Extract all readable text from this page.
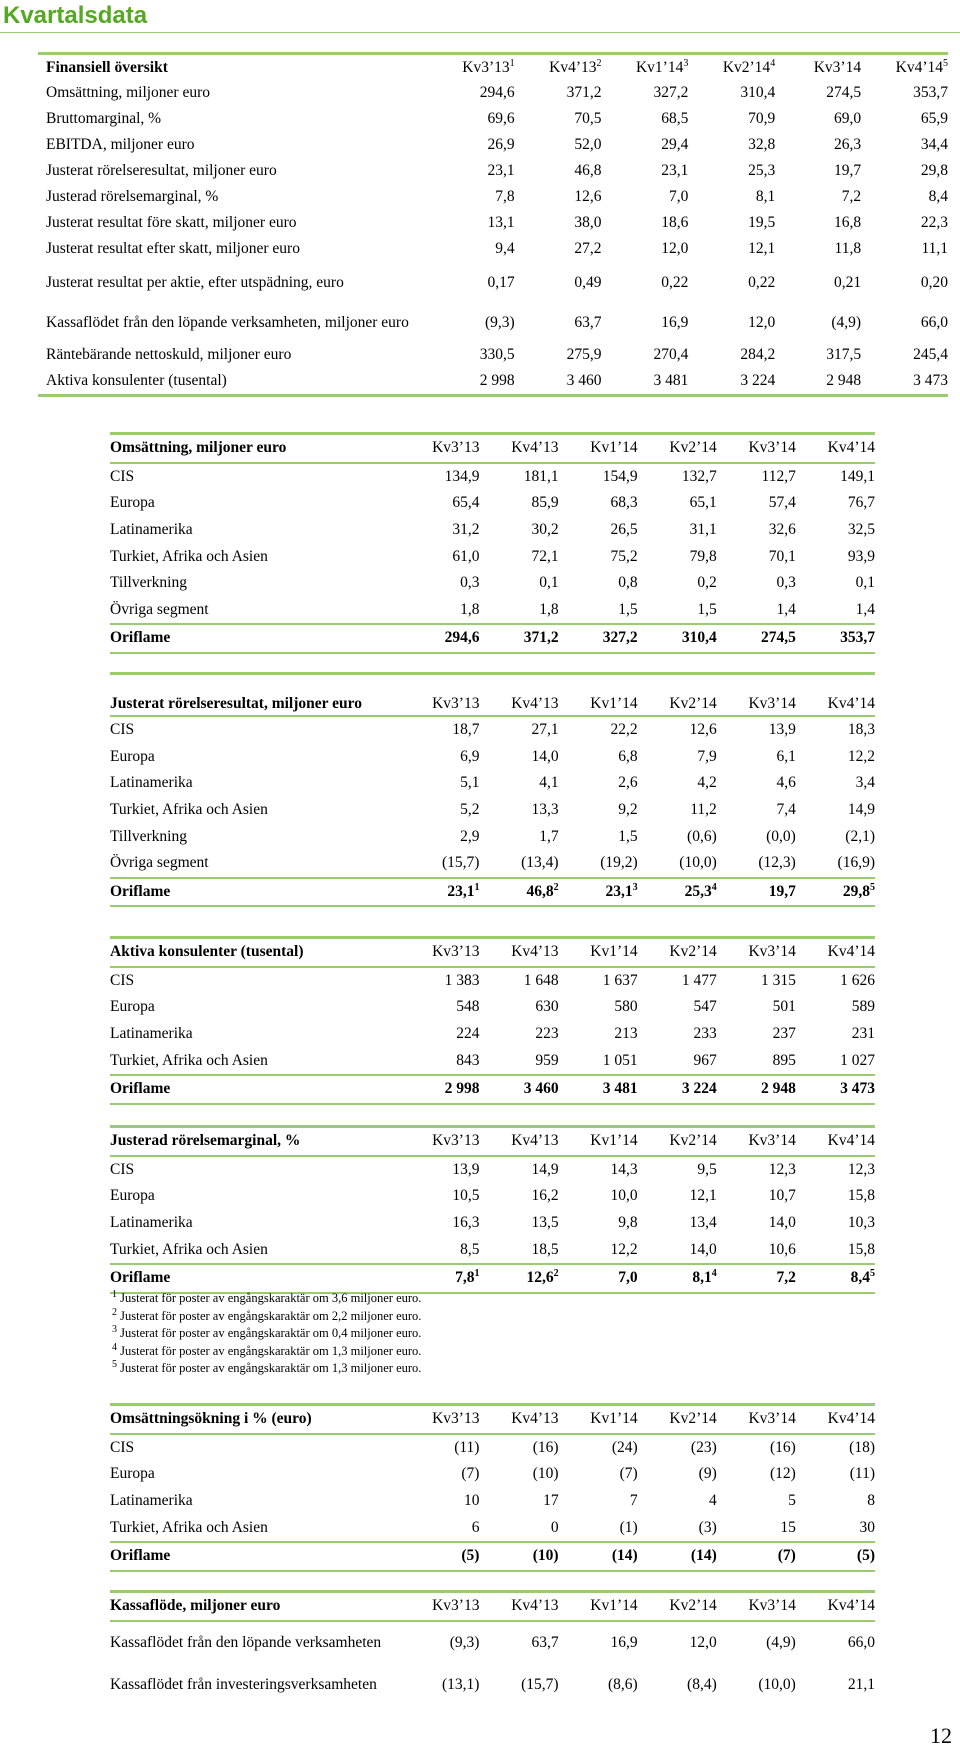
Kvartalsdata
Finansiell översikt	$Kv3’13^1$	$Kv4’13^2$	$Kv1’14^3$	$Kv2’14^4$	Kv3’14	$Kv4’14^5$
Omsättning, miljoner euro	294,6	371,2	327,2	310,4	274,5	353,7
Bruttomarginal, %	69,6	70,5	68,5	70,9	69,0	65,9
EBITDA, miljoner euro	26,9	52,0	29,4	32,8	26,3	34,4
Justerat rörelseresultat, miljoner euro	23,1	46,8	23,1	25,3	19,7	29,8
Justerad rörelsemarginal, %	7,8	12,6	7,0	8,1	7,2	8,4
Justerat resultat före skatt, miljoner euro	13,1	38,0	18,6	19,5	16,8	22,3
Justerat resultat efter skatt, miljoner euro	9,4	27,2	12,0	12,1	11,8	11,1
Justerat resultat per aktie, efter utspädning, euro	0,17	0,49	0,22	0,22	0,21	0,20
Kassaflödet från den löpande verksamheten, miljoner euro	(9,3)	63,7	16,9	12,0	(4,9)	66,0
Räntebärande nettoskuld, miljoner euro	330,5	275,9	270,4	284,2	317,5	245,4
Aktiva konsulenter (tusental)	2 998	3 460	3 481	3 224	2 948	3 473
Omsättning, miljoner euro	Kv3’13	Kv4’13	Kv1’14	Kv2’14	Kv3’14	Kv4’14
CIS	134,9	181,1	154,9	132,7	112,7	149,1
Europa	65,4	85,9	68,3	65,1	57,4	76,7
Latinamerika	31,2	30,2	26,5	31,1	32,6	32,5
Turkiet, Afrika och Asien	61,0	72,1	75,2	79,8	70,1	93,9
Tillverkning	0,3	0,1	0,8	0,2	0,3	0,1
Övriga segment	1,8	1,8	1,5	1,5	1,4	1,4
Oriflame	294,6	371,2	327,2	310,4	274,5	353,7
Justerat rörelseresultat, miljoner euro	Kv3’13	Kv4’13	Kv1’14	Kv2’14	Kv3’14	Kv4’14
CIS	18,7	27,1	22,2	12,6	13,9	18,3
Europa	6,9	14,0	6,8	7,9	6,1	12,2
Latinamerika	5,1	4,1	2,6	4,2	4,6	3,4
Turkiet, Afrika och Asien	5,2	13,3	9,2	11,2	7,4	14,9
Tillverkning	2,9	1,7	1,5	(0,6)	(0,0)	(2,1)
Övriga segment	(15,7)	(13,4)	(19,2)	(10,0)	(12,3)	(16,9)
Oriflame	23,1$^1$	46,8$^2$	23,1$^3$	25,3$^4$	19,7	29,8$^5$
Aktiva konsulenter (tusental)	Kv3’13	Kv4’13	Kv1’14	Kv2’14	Kv3’14	Kv4’14
CIS	1 383	1 648	1 637	1 477	1 315	1 626
Europa	548	630	580	547	501	589
Latinamerika	224	223	213	233	237	231
Turkiet, Afrika och Asien	843	959	1 051	967	895	1 027
Oriflame	2 998	3 460	3 481	3 224	2 948	3 473
Justerad rörelsemarginal, %	Kv3’13	Kv4’13	Kv1’14	Kv2’14	Kv3’14	Kv4’14
CIS	13,9	14,9	14,3	9,5	12,3	12,3
Europa	10,5	16,2	10,0	12,1	10,7	15,8
Latinamerika	16,3	13,5	9,8	13,4	14,0	10,3
Turkiet, Afrika och Asien	8,5	18,5	12,2	14,0	10,6	15,8
Oriflame	$7,8^1$	12,6$^2$	7,0	$8,1^4$	7,2	$8,4^5$
$^1$ Justerat för poster av engångskaraktär om 3,6 miljoner euro.
$^2$ Justerat för poster av engångskaraktär om 2,2 miljoner euro.
$^3$ Justerat för poster av engångskaraktär om 0,4 miljoner euro.
$^4$ Justerat för poster av engångskaraktär om 1,3 miljoner euro.
$^5$ Justerat för poster av engångskaraktär om 1,3 miljoner euro.
Omsättningsökning i % (euro)	Kv3’13	Kv4’13	Kv1’14	Kv2’14	Kv3’14	Kv4’14
CIS	(11)	(16)	(24)	(23)	(16)	(18)
Europa	(7)	(10)	(7)	(9)	(12)	(11)
Latinamerika	10	17	7	4	5	8
Turkiet, Afrika och Asien	6	0	(1)	(3)	15	30
Oriflame	(5)	(10)	(14)	(14)	(7)	(5)
Kassaflöde, miljoner euro	Kv3’13	Kv4’13	Kv1’14	Kv2’14	Kv3’14	Kv4’14
Kassaflödet från den löpande verksamheten	(9,3)	63,7	16,9	12,0	(4,9)	66,0
Kassaflödet från investeringsverksamheten	(13,1)	(15,7)	(8,6)	(8,4)	(10,0)	21,1
12
